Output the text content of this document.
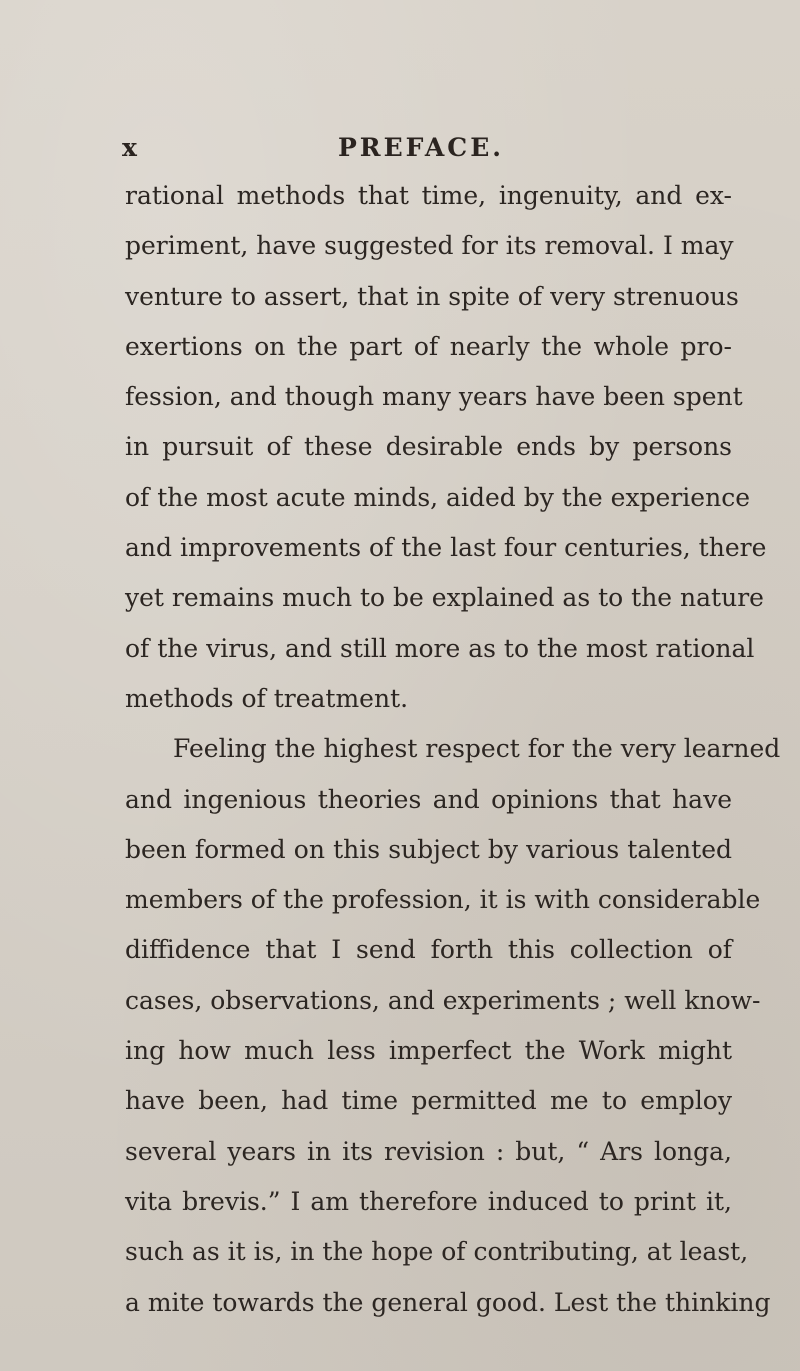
x	PREFACE.
rational methods that time, ingenuity, and ex-
periment, have suggested for its removal. I may
venture to assert, that in spite of very strenuous
exertions on the part of nearly the whole pro-
fession, and though many years have been spent
in pursuit of these desirable ends by persons
of the most acute minds, aided by the experience
and improvements of the last four centuries, there
yet remains much to be explained as to the nature
of the virus, and still more as to the most rational
methods of treatment.
Feeling the highest respect for the very learned
and ingenious theories and opinions that have
been formed on this subject by various talented
members of the profession, it is with considerable
diffidence that I send forth this collection of
cases, observations, and experiments ; well know-
ing how much less imperfect the Work might
have been, had time permitted me to employ
several years in its revision : but, “ Ars longa,
vita brevis.” I am therefore induced to print it,
such as it is, in the hope of contributing, at least,
a mite towards the general good. Lest the thinking
